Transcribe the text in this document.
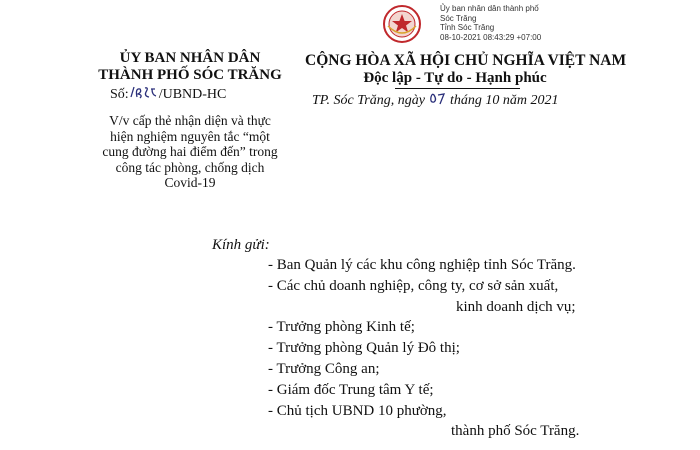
Ủy ban nhân dân thành phố
Sóc Trăng
Tỉnh Sóc Trăng
08-10-2021 08:43:29 +07:00
ỦY BAN NHÂN DÂN
THÀNH PHỐ SÓC TRĂNG
Số: /UBND-HC
V/v cấp thẻ nhận diện và thực
hiện nghiệm nguyên tắc “một
cung đường hai điểm đến” trong
công tác phòng, chống dịch
Covid-19
CỘNG HÒA XÃ HỘI CHỦ NGHĨA VIỆT NAM
Độc lập - Tự do - Hạnh phúc
TP. Sóc Trăng, ngày tháng 10 năm 2021
Kính gửi:
- Ban Quản lý các khu công nghiệp tỉnh Sóc Trăng.
- Các chủ doanh nghiệp, công ty, cơ sở sản xuất,
kinh doanh dịch vụ;
- Trưởng phòng Kinh tế;
- Trưởng phòng Quản lý Đô thị;
- Trưởng Công an;
- Giám đốc Trung tâm Y tế;
- Chủ tịch UBND 10 phường,
thành phố Sóc Trăng.
